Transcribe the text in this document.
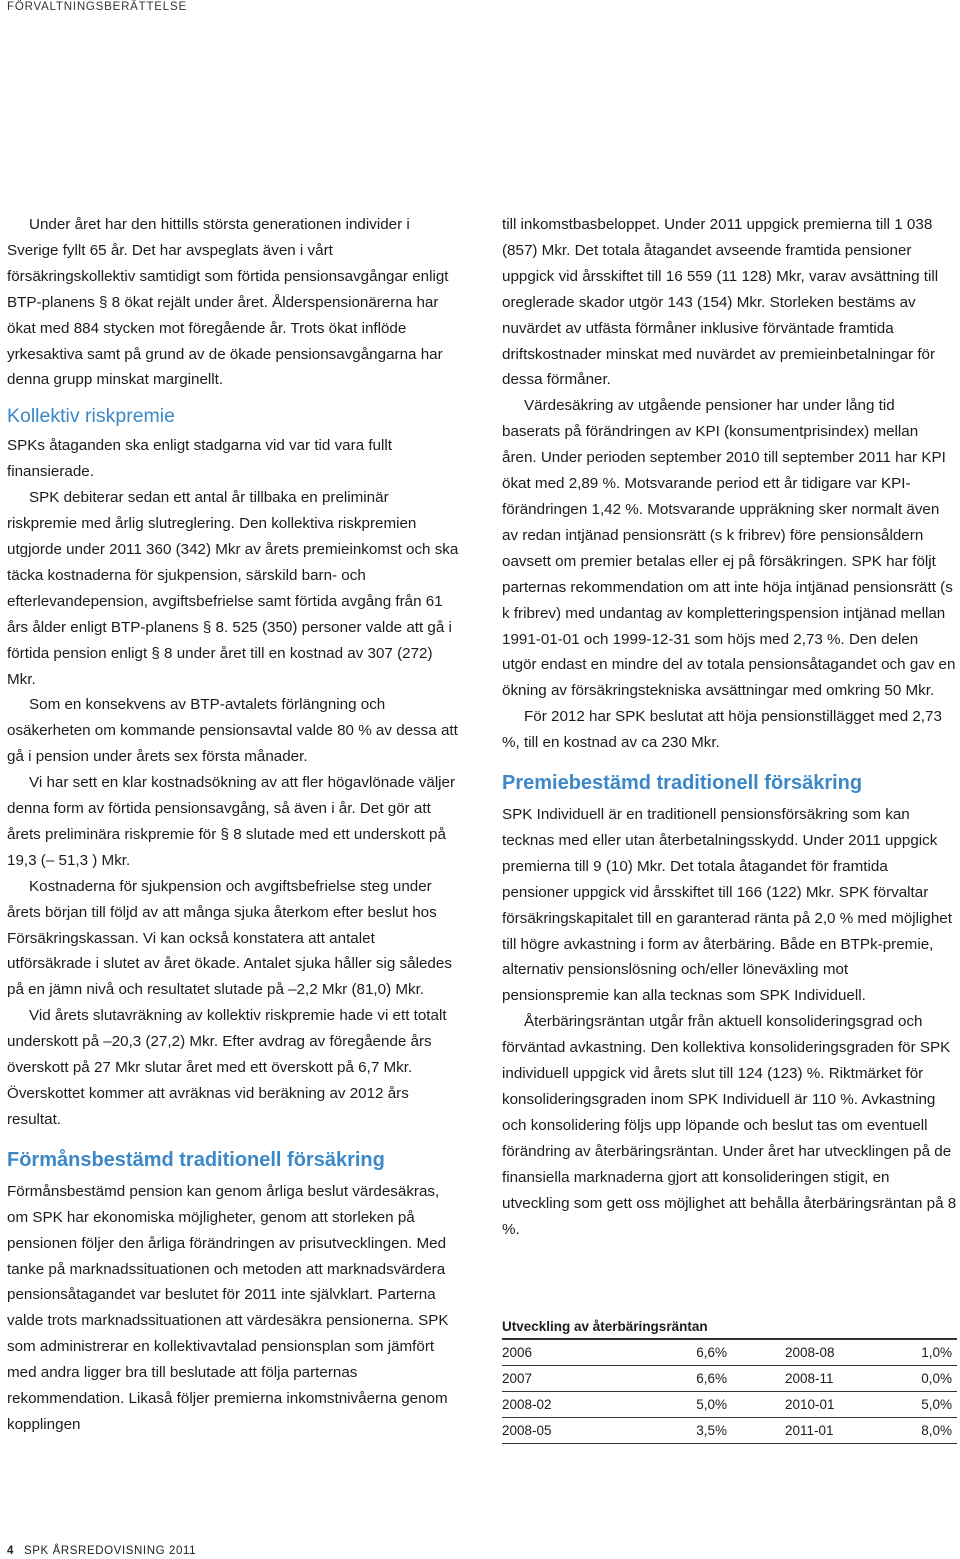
FÖRVALTNINGSBERÄTTELSE

Under året har den hittills största generationen individer i Sverige fyllt 65 år. Det har avspeglats även i vårt försäkringskollektiv samtidigt som förtida pensionsavgångar enligt BTP-planens § 8 ökat rejält under året. Ålderspensionärerna har ökat med 884 stycken mot föregående år. Trots ökat inflöde yrkesaktiva samt på grund av de ökade pensionsavgångarna har denna grupp minskat marginellt.

Kollektiv riskpremie

SPKs åtaganden ska enligt stadgarna vid var tid vara fullt finansierade.

SPK debiterar sedan ett antal år tillbaka en preliminär riskpremie med årlig slutreglering. Den kollektiva riskpremien utgjorde under 2011 360 (342) Mkr av årets premieinkomst och ska täcka kostnaderna för sjukpension, särskild barn- och efterlevandepension, avgiftsbefrielse samt förtida avgång från 61 års ålder enligt BTP-planens § 8. 525 (350) personer valde att gå i förtida pension enligt § 8 under året till en kostnad av 307 (272) Mkr.

Som en konsekvens av BTP-avtalets förlängning och osäkerheten om kommande pensionsavtal valde 80 % av dessa att gå i pension under årets sex första månader.

Vi har sett en klar kostnadsökning av att fler högavlönade väljer denna form av förtida pensionsavgång, så även i år. Det gör att årets preliminära riskpremie för § 8 slutade med ett underskott på 19,3 (– 51,3 ) Mkr.

Kostnaderna för sjukpension och avgiftsbefrielse steg under årets början till följd av att många sjuka återkom efter beslut hos Försäkringskassan. Vi kan också konstatera att antalet utförsäkrade i slutet av året ökade. Antalet sjuka håller sig således på en jämn nivå och resultatet slutade på –2,2 Mkr (81,0) Mkr.

Vid årets slutavräkning av kollektiv riskpremie hade vi ett totalt underskott på –20,3 (27,2) Mkr. Efter avdrag av föregående års överskott på 27 Mkr slutar året med ett överskott på 6,7 Mkr. Överskottet kommer att avräknas vid beräkning av 2012 års resultat.

Förmånsbestämd traditionell försäkring

Förmånsbestämd pension kan genom årliga beslut värdesäkras, om SPK har ekonomiska möjligheter, genom att storleken på pensionen följer den årliga förändringen av prisutvecklingen. Med tanke på marknadssituationen och metoden att marknadsvärdera pensionsåtagandet var beslutet för 2011 inte självklart. Parterna valde trots marknadssituationen att värdesäkra pensionerna. SPK som administrerar en kollektivavtalad pensionsplan som jämfört med andra ligger bra till beslutade att följa parternas rekommendation. Likaså följer premierna inkomstnivåerna genom kopplingen

till inkomstbasbeloppet. Under 2011 uppgick premierna till 1 038 (857) Mkr. Det totala åtagandet avseende framtida pensioner uppgick vid årsskiftet till 16 559 (11 128) Mkr, varav avsättning till oreglerade skador utgör 143 (154) Mkr. Storleken bestäms av nuvärdet av utfästa förmåner inklusive förväntade framtida driftskostnader minskat med nuvärdet av premieinbetalningar för dessa förmåner.

Värdesäkring av utgående pensioner har under lång tid baserats på förändringen av KPI (konsumentprisindex) mellan åren. Under perioden september 2010 till september 2011 har KPI ökat med 2,89 %. Motsvarande period ett år tidigare var KPI-förändringen 1,42 %. Motsvarande uppräkning sker normalt även av redan intjänad pensionsrätt (s k fribrev) före pensionsåldern oavsett om premier betalas eller ej på försäkringen. SPK har följt parternas rekommendation om att inte höja intjänad pensionsrätt (s k fribrev) med undantag av kompletteringspension intjänad mellan 1991-01-01 och 1999-12-31 som höjs med 2,73 %. Den delen utgör endast en mindre del av totala pensionsåtagandet och gav en ökning av försäkringstekniska avsättningar med omkring 50 Mkr.

För 2012 har SPK beslutat att höja pensionstillägget med 2,73 %, till en kostnad av ca 230 Mkr.

Premiebestämd traditionell försäkring

SPK Individuell är en traditionell pensionsförsäkring som kan tecknas med eller utan återbetalningsskydd. Under 2011 uppgick premierna till 9 (10) Mkr. Det totala åtagandet för framtida pensioner uppgick vid årsskiftet till 166 (122) Mkr. SPK förvaltar försäkringskapitalet till en garanterad ränta på 2,0 % med möjlighet till högre avkastning i form av återbäring. Både en BTPk-premie, alternativ pensionslösning och/eller löneväxling mot pensionspremie kan alla tecknas som SPK Individuell.

Återbäringsräntan utgår från aktuell konsolideringsgrad och förväntad avkastning. Den kollektiva konsolideringsgraden för SPK individuell uppgick vid årets slut till 124 (123) %. Riktmärket för konsolideringsgraden inom SPK Individuell är 110 %. Avkastning och konsolidering följs upp löpande och beslut tas om eventuell förändring av återbäringsräntan. Under året har utvecklingen på de finansiella marknaderna gjort att konsolideringen stigit, en utveckling som gett oss möjlighet att behålla återbäringsräntan på 8 %.

Utveckling av återbäringsräntan
2006	6,6%	2008-08	1,0%
2007	6,6%	2008-11	0,0%
2008-02	5,0%	2010-01	5,0%
2008-05	3,5%	2011-01	8,0%
4 SPK ÅRSREDOVISNING 2011
